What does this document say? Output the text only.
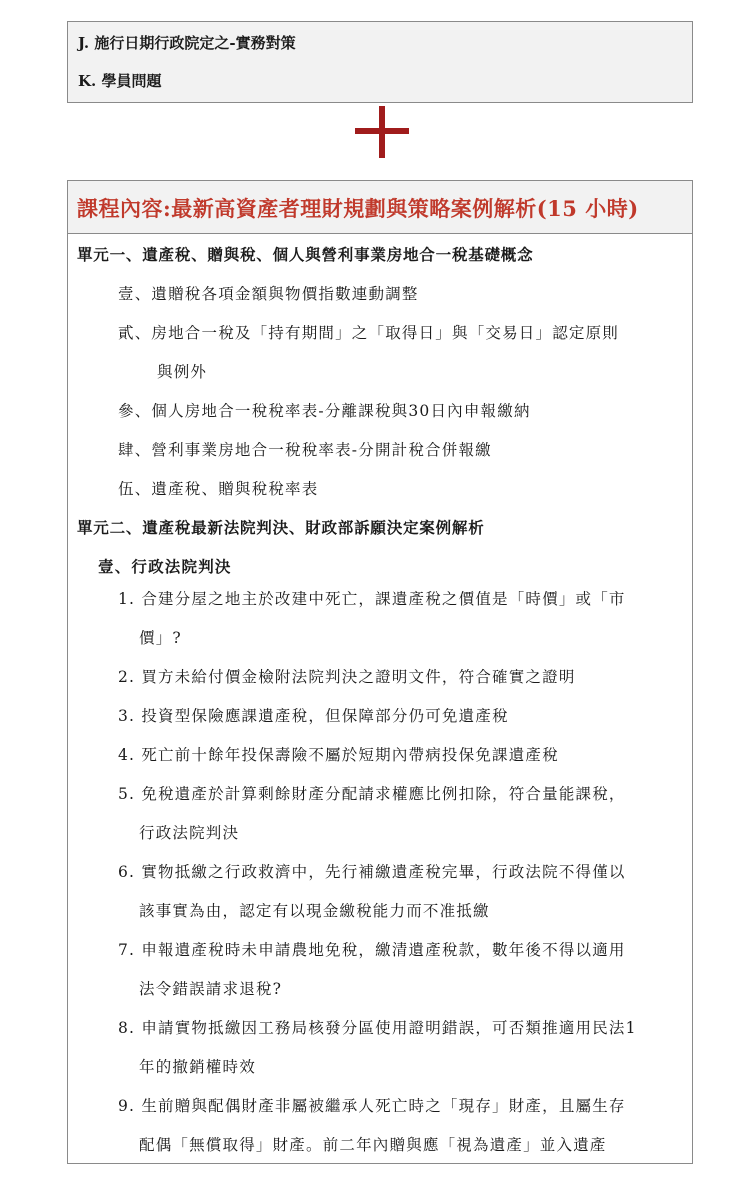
J. 施行日期行政院定之-實務對策
K. 學員問題
課程內容:最新高資產者理財規劃與策略案例解析(15 小時)
單元一、遺產稅、贈與稅、個人與營利事業房地合一稅基礎概念
壹、遺贈稅各項金額與物價指數連動調整
貳、房地合一稅及「持有期間」之「取得日」與「交易日」認定原則
與例外
參、個人房地合一稅稅率表-分離課稅與30日內申報繳納
肆、營利事業房地合一稅稅率表-分開計稅合併報繳
伍、遺產稅、贈與稅稅率表
單元二、遺產稅最新法院判決、財政部訴願決定案例解析
壹、行政法院判決
1. 合建分屋之地主於改建中死亡，課遺產稅之價值是「時價」或「市
價」?
2. 買方未給付價金檢附法院判決之證明文件，符合確實之證明
3. 投資型保險應課遺產稅，但保障部分仍可免遺產稅
4. 死亡前十餘年投保壽險不屬於短期內帶病投保免課遺產稅
5. 免稅遺產於計算剩餘財產分配請求權應比例扣除，符合量能課稅，
行政法院判決
6. 實物抵繳之行政救濟中，先行補繳遺產稅完畢，行政法院不得僅以
該事實為由，認定有以現金繳稅能力而不准抵繳
7. 申報遺產稅時未申請農地免稅，繳清遺產稅款，數年後不得以適用
法令錯誤請求退稅?
8. 申請實物抵繳因工務局核發分區使用證明錯誤，可否類推適用民法1
年的撤銷權時效
9. 生前贈與配偶財產非屬被繼承人死亡時之「現存」財產，且屬生存
配偶「無償取得」財產。前二年內贈與應「視為遺產」並入遺產
